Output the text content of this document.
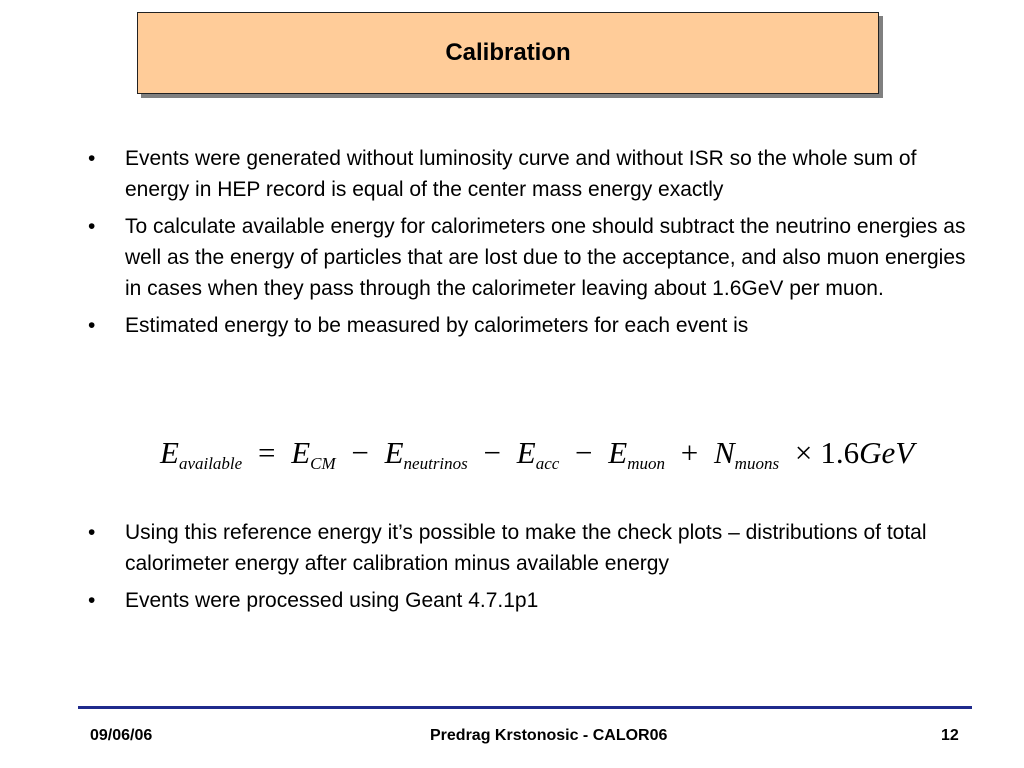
Calibration
• Events were generated without luminosity curve and without ISR so the whole sum of energy in HEP record is equal of the center mass energy exactly
• To calculate available energy for calorimeters one should subtract the neutrino energies as well as the energy of particles that are lost due to the acceptance, and also muon energies in cases when they pass through the calorimeter leaving about 1.6GeV per muon.
• Estimated energy to be measured by calorimeters for each event is
$E_{available} = E_{CM} - E_{neutrinos} - E_{acc} - E_{muon} + N_{muons} \times 1.6GeV$
• Using this reference energy it’s possible to make the check plots – distributions of total calorimeter energy after calibration minus available energy
• Events were processed using Geant 4.7.1p1
09/06/06	Predrag Krstonosic - CALOR06	12
